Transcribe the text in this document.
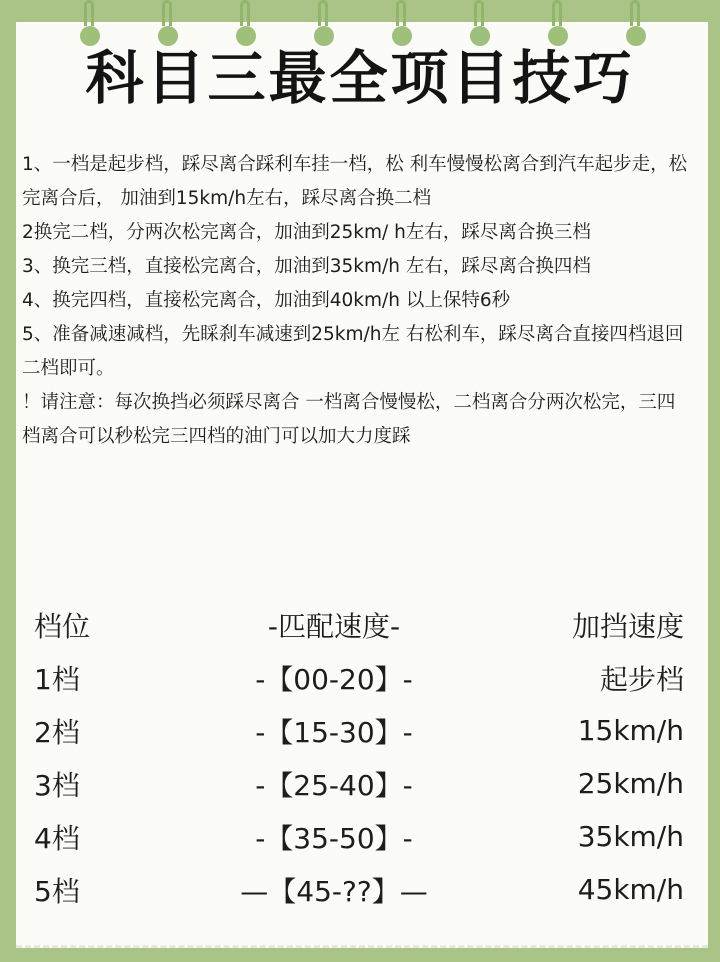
科目三最全项目技巧
1、一档是起步档，踩尽离合踩利车挂一档，松 利车慢慢松离合到汽车起步走，松完离合后， 加油到15km/h左右，踩尽离合换二档
2换完二档，分两次松完离合，加油到25km/ h左右，踩尽离合换三档
3、换完三档，直接松完离合，加油到35km/h 左右，踩尽离合换四档
4、换完四档，直接松完离合，加油到40km/h 以上保特6秒
5、准备减速减档，先睬刹车减速到25km/h左 右松利车，踩尽离合直接四档退回二档即可。
！请注意：每次换挡必须踩尽离合 一档离合慢慢松，二档离合分两次松完，三四 档离合可以秒松完三四档的油门可以加大力度踩
档位	-匹配速度-	加挡速度
1档	-【00-20】-	起步档
2档	-【15-30】-	15km/h
3档	-【25-40】-	25km/h
4档	-【35-50】-	35km/h
5档	—【45-??】—	45km/h
